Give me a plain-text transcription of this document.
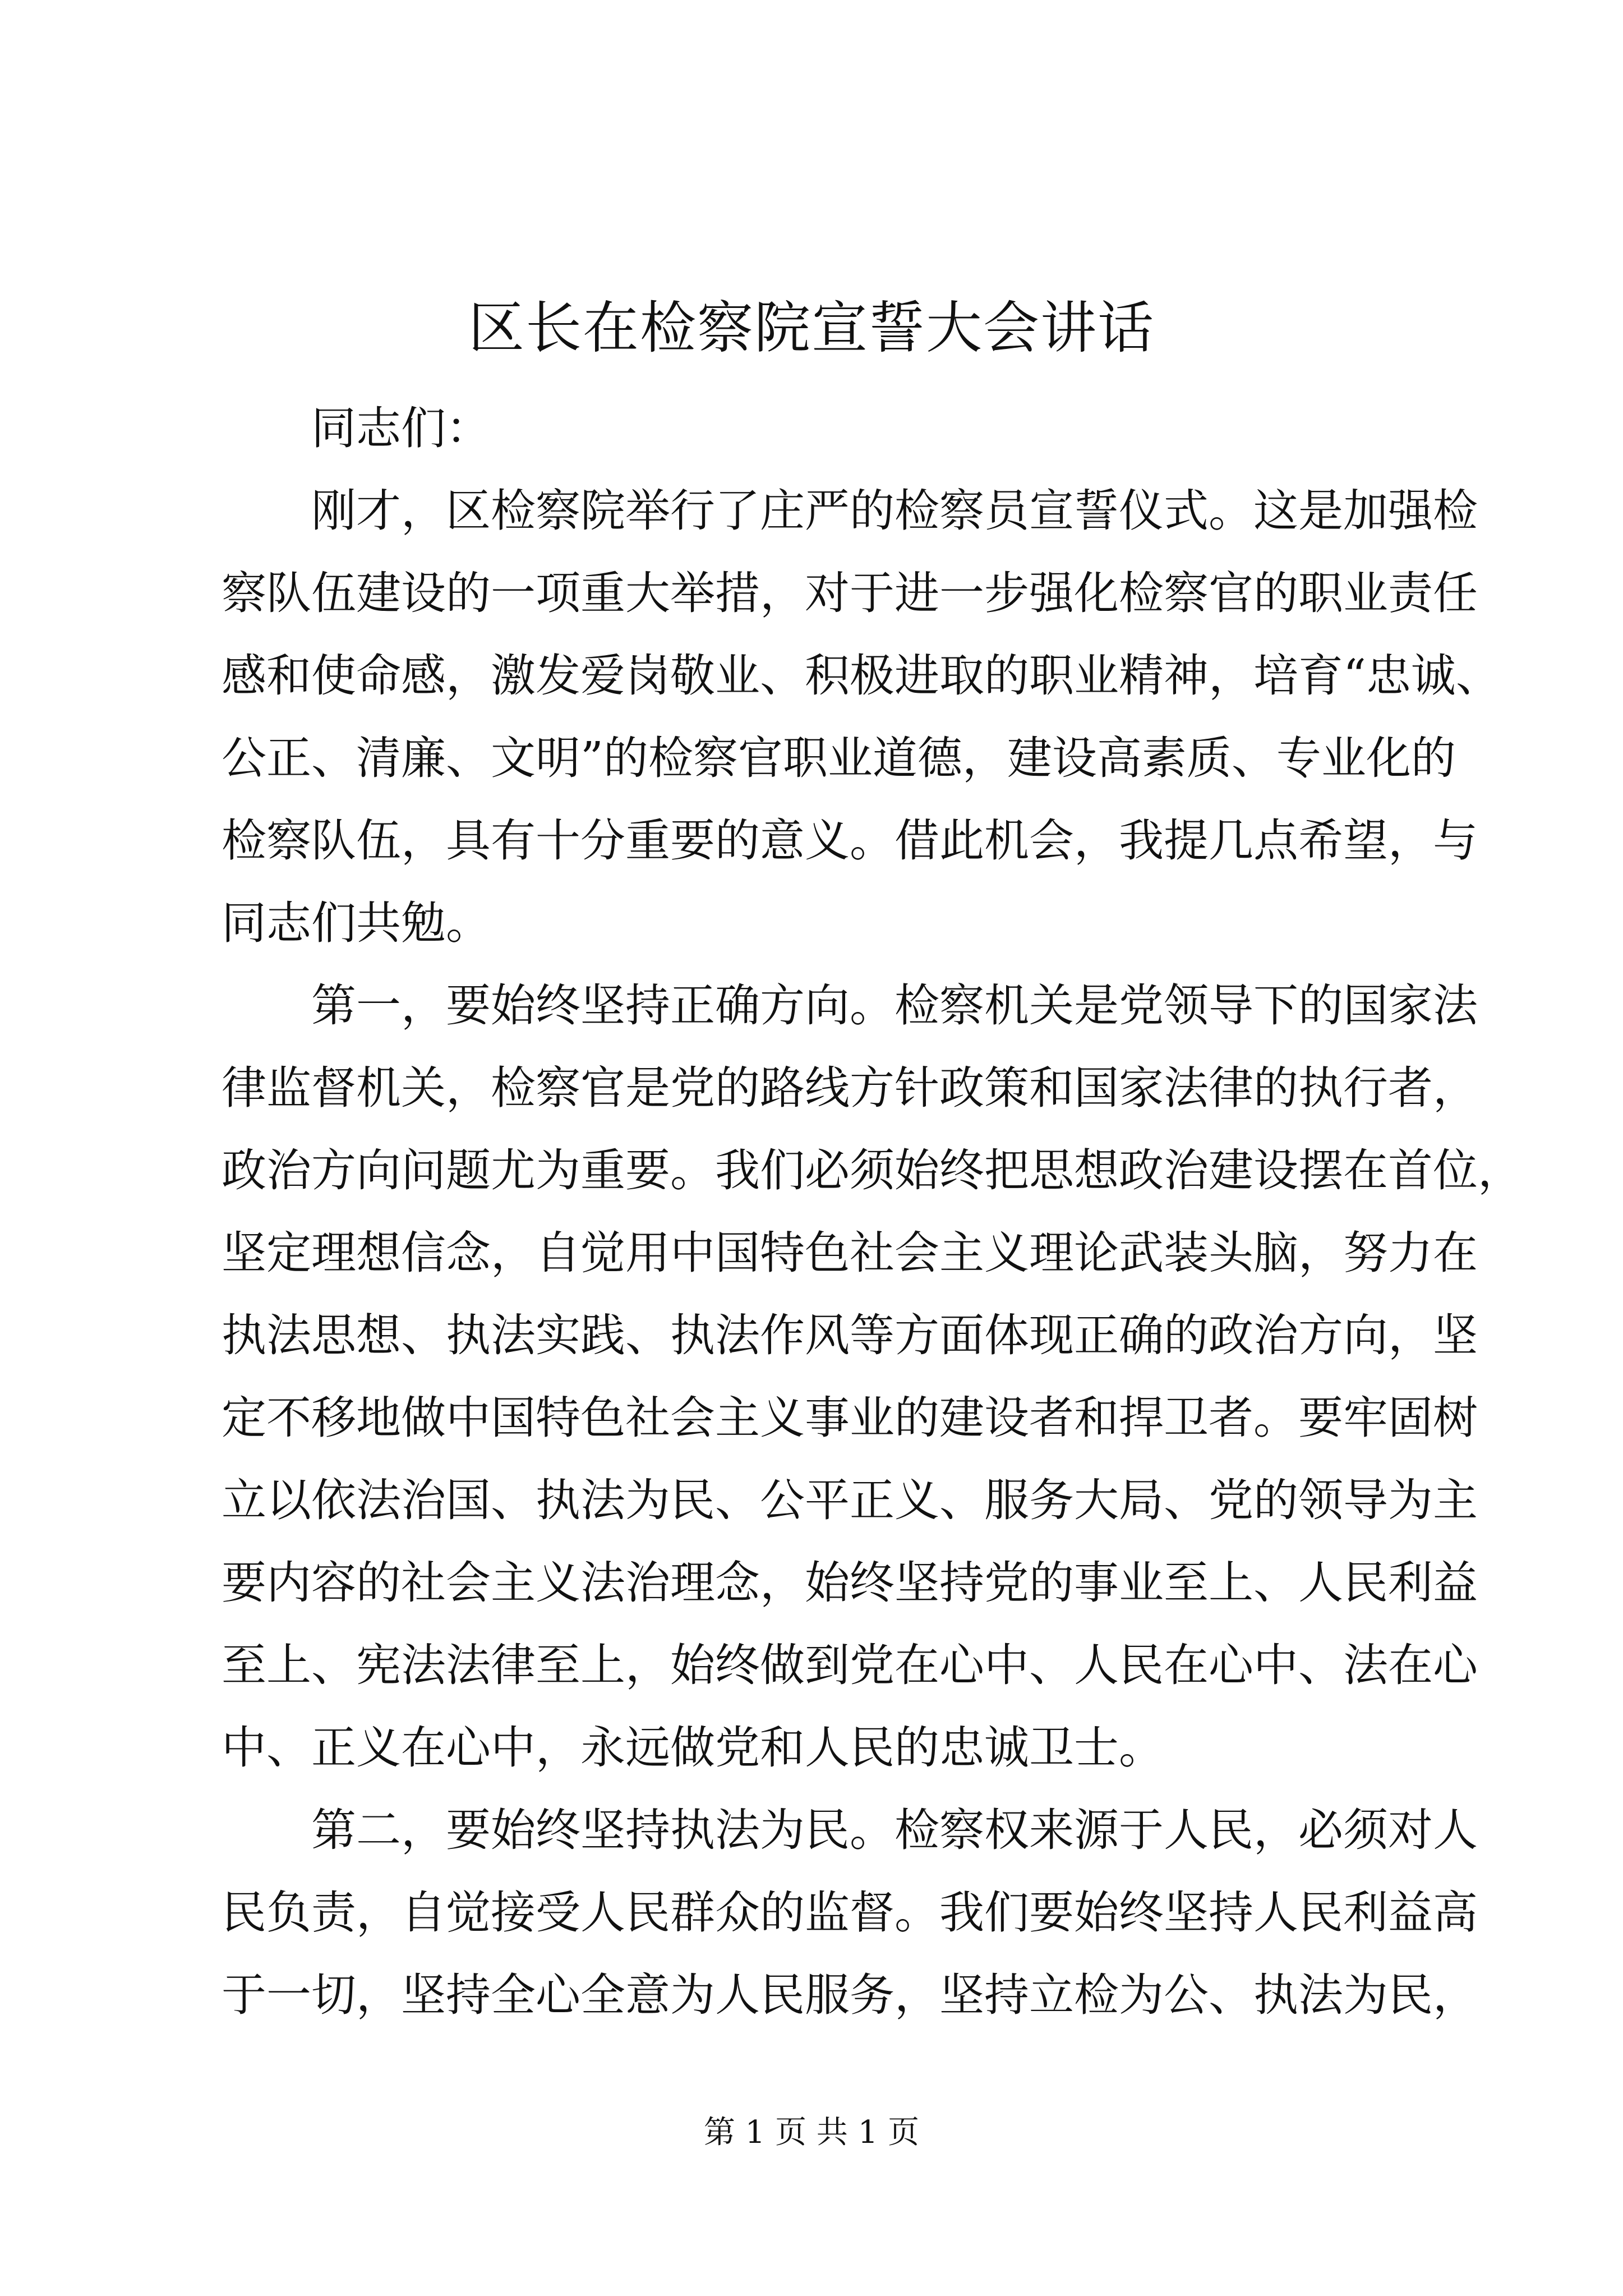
区长在检察院宣誓大会讲话

　　同志们：

　　刚才，区检察院举行了庄严的检察员宣誓仪式。这是加强检

察队伍建设的一项重大举措，对于进一步强化检察官的职业责任

感和使命感，激发爱岗敬业、积极进取的职业精神，培育“忠诚、

公正、清廉、文明”的检察官职业道德，建设高素质、专业化的

检察队伍，具有十分重要的意义。借此机会，我提几点希望，与

同志们共勉。

　　第一，要始终坚持正确方向。检察机关是党领导下的国家法

律监督机关，检察官是党的路线方针政策和国家法律的执行者，

政治方向问题尤为重要。我们必须始终把思想政治建设摆在首位，

坚定理想信念，自觉用中国特色社会主义理论武装头脑，努力在

执法思想、执法实践、执法作风等方面体现正确的政治方向，坚

定不移地做中国特色社会主义事业的建设者和捍卫者。要牢固树

立以依法治国、执法为民、公平正义、服务大局、党的领导为主

要内容的社会主义法治理念，始终坚持党的事业至上、人民利益

至上、宪法法律至上，始终做到党在心中、人民在心中、法在心

中、正义在心中，永远做党和人民的忠诚卫士。

　　第二，要始终坚持执法为民。检察权来源于人民，必须对人

民负责，自觉接受人民群众的监督。我们要始终坚持人民利益高

于一切，坚持全心全意为人民服务，坚持立检为公、执法为民，

第 1 页 共 1 页
